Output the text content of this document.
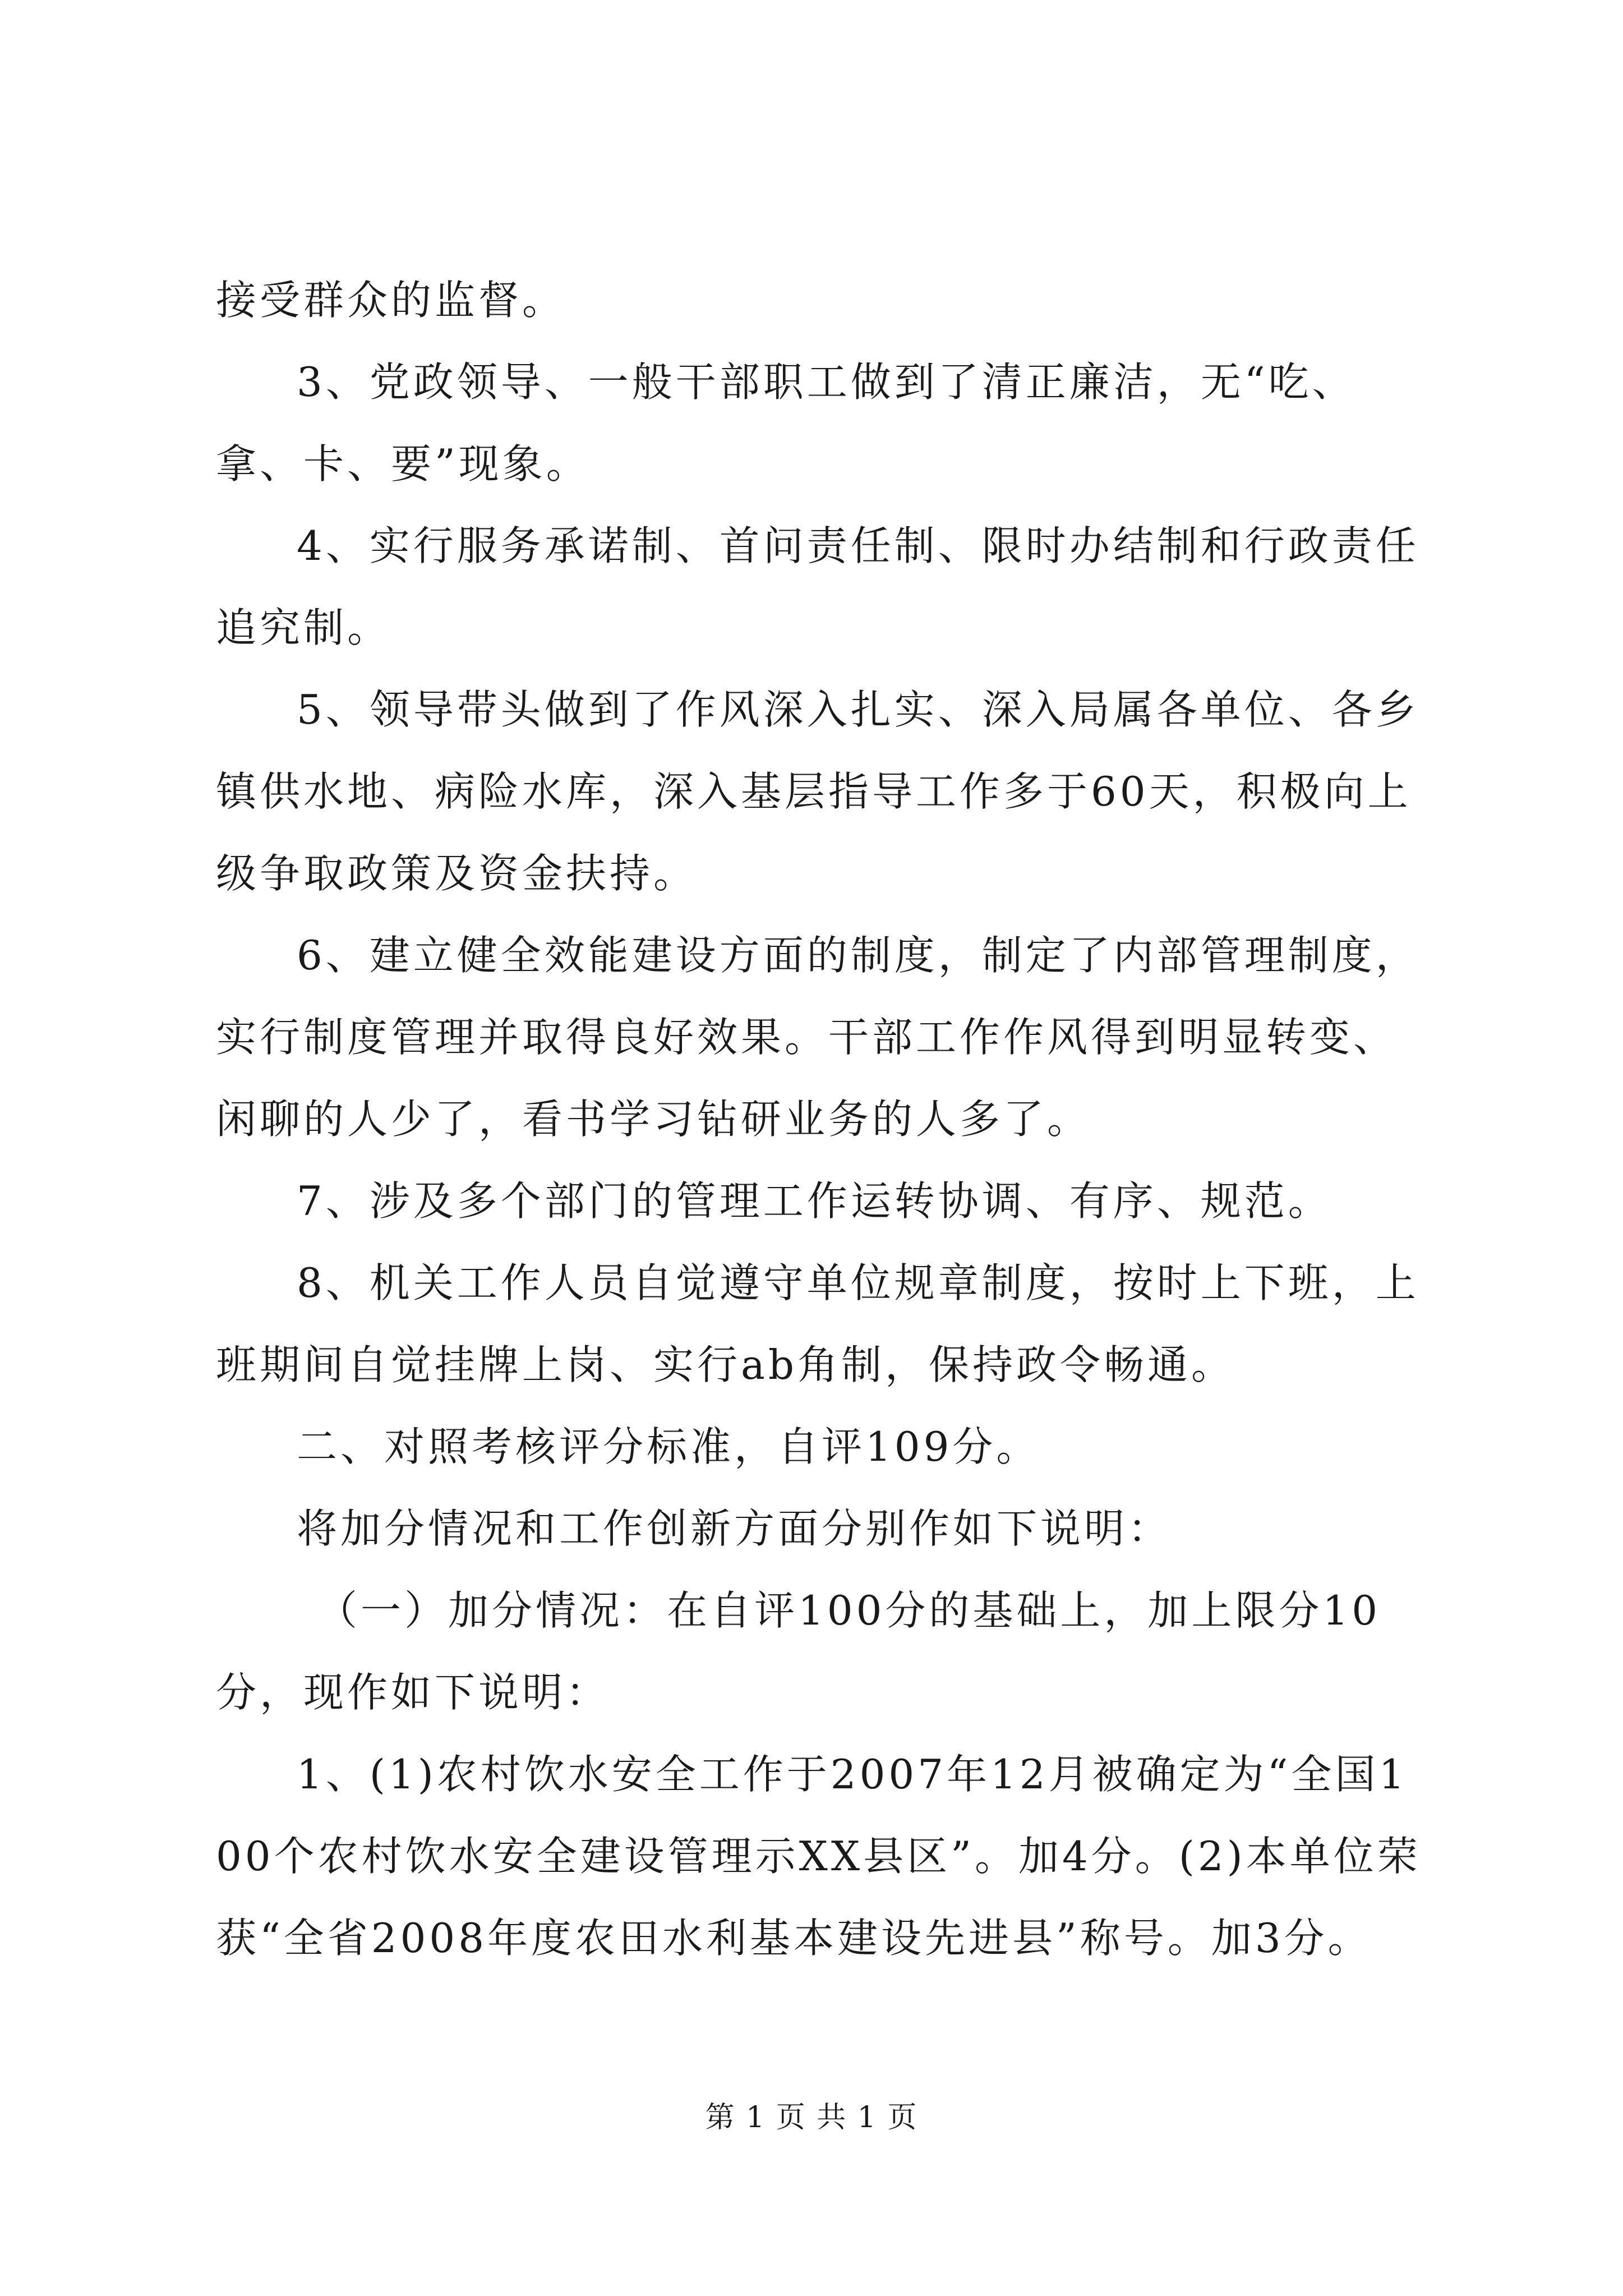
接受群众的监督。

3、党政领导、一般干部职工做到了清正廉洁，无“吃、拿、卡、要”现象。

4、实行服务承诺制、首问责任制、限时办结制和行政责任追究制。

5、领导带头做到了作风深入扎实、深入局属各单位、各乡镇供水地、病险水库，深入基层指导工作多于60天，积极向上级争取政策及资金扶持。

6、建立健全效能建设方面的制度，制定了内部管理制度，实行制度管理并取得良好效果。干部工作作风得到明显转变、闲聊的人少了，看书学习钻研业务的人多了。

7、涉及多个部门的管理工作运转协调、有序、规范。

8、机关工作人员自觉遵守单位规章制度，按时上下班，上班期间自觉挂牌上岗、实行ab角制，保持政令畅通。

二、对照考核评分标准，自评109分。

将加分情况和工作创新方面分别作如下说明：

（一）加分情况：在自评100分的基础上，加上限分10分，现作如下说明：

1、(1)农村饮水安全工作于2007年12月被确定为“全国100个农村饮水安全建设管理示XX县区”。加4分。(2)本单位荣获“全省2008年度农田水利基本建设先进县”称号。加3分。

第 1 页 共 1 页
